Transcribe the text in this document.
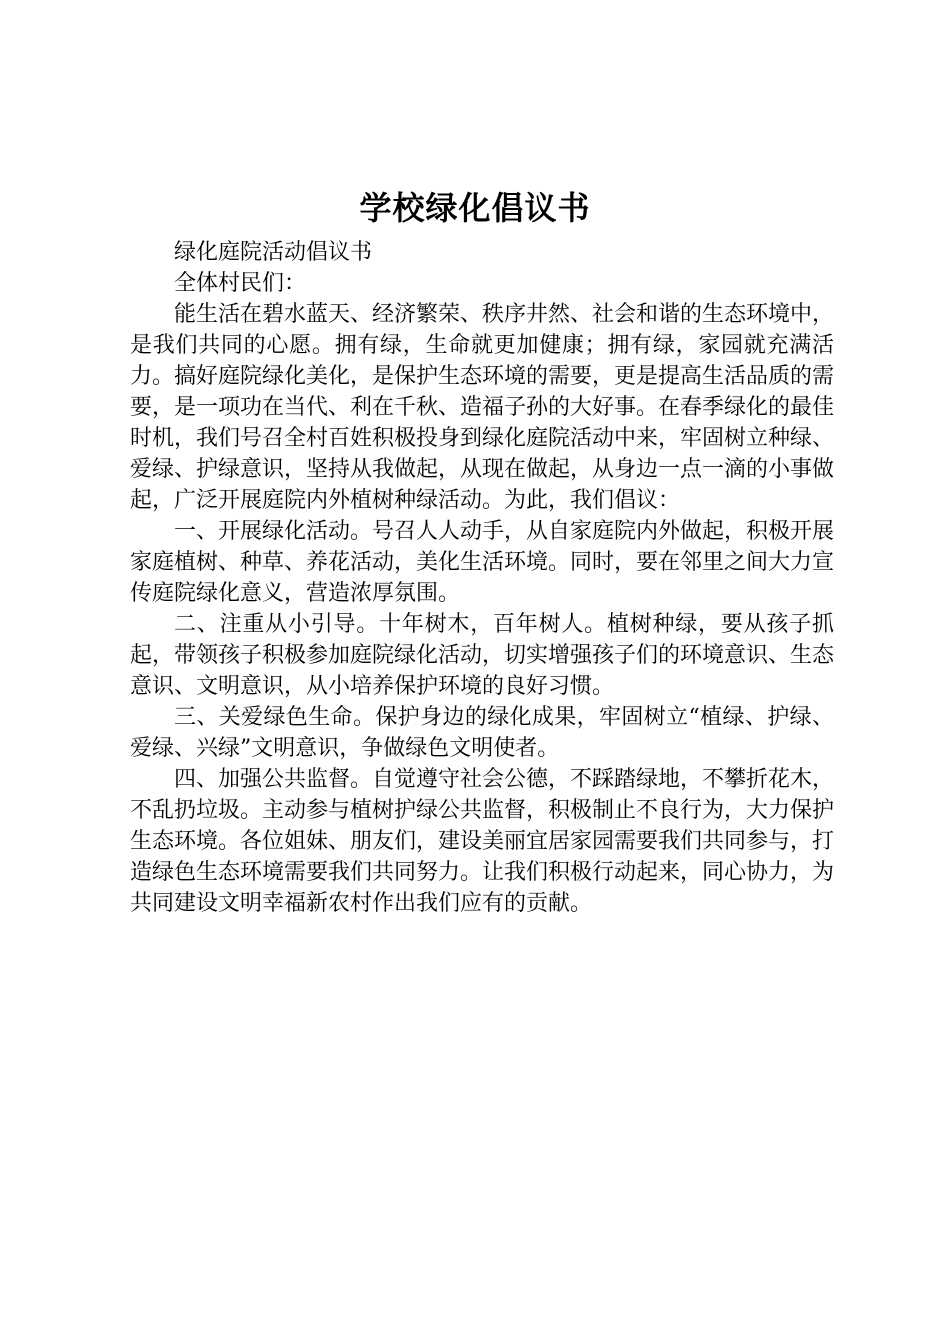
学校绿化倡议书

绿化庭院活动倡议书

全体村民们：

能生活在碧水蓝天、经济繁荣、秩序井然、社会和谐的生态环境中，是我们共同的心愿。拥有绿，生命就更加健康；拥有绿，家园就充满活力。搞好庭院绿化美化，是保护生态环境的需要，更是提高生活品质的需要，是一项功在当代、利在千秋、造福子孙的大好事。在春季绿化的最佳时机，我们号召全村百姓积极投身到绿化庭院活动中来，牢固树立种绿、爱绿、护绿意识，坚持从我做起，从现在做起，从身边一点一滴的小事做起，广泛开展庭院内外植树种绿活动。为此，我们倡议：

一、开展绿化活动。号召人人动手，从自家庭院内外做起，积极开展家庭植树、种草、养花活动，美化生活环境。同时，要在邻里之间大力宣传庭院绿化意义，营造浓厚氛围。

二、注重从小引导。十年树木，百年树人。植树种绿，要从孩子抓起，带领孩子积极参加庭院绿化活动，切实增强孩子们的环境意识、生态意识、文明意识，从小培养保护环境的良好习惯。

三、关爱绿色生命。保护身边的绿化成果，牢固树立“植绿、护绿、爱绿、兴绿”文明意识，争做绿色文明使者。

四、加强公共监督。自觉遵守社会公德，不踩踏绿地，不攀折花木，不乱扔垃圾。主动参与植树护绿公共监督，积极制止不良行为，大力保护生态环境。各位姐妹、朋友们，建设美丽宜居家园需要我们共同参与，打造绿色生态环境需要我们共同努力。让我们积极行动起来，同心协力，为共同建设文明幸福新农村作出我们应有的贡献。
